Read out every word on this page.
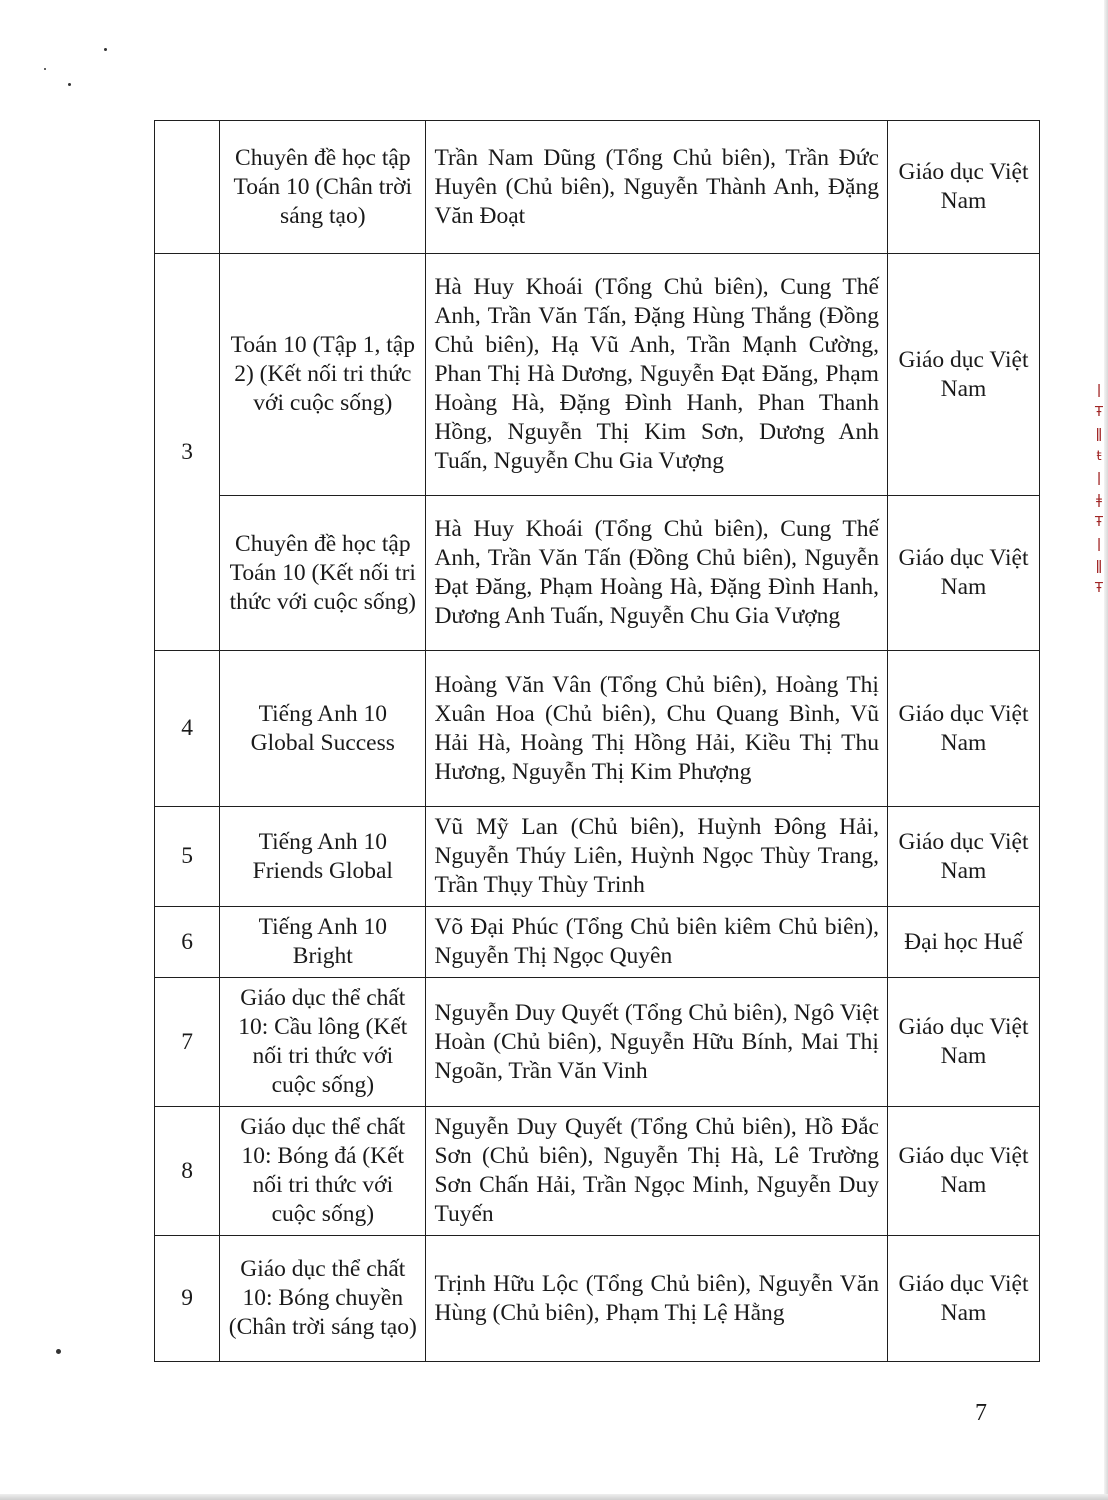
ǀ
Ŧ
ǁ
ŧ
ǀ
ǂ
Ŧ
ǀ
ǁ
Ŧ
	Chuyên đề học tập Toán 10 (Chân trời sáng tạo)	Trần Nam Dũng (Tổng Chủ biên), Trần Đức Huyên (Chủ biên), Nguyễn Thành Anh, Đặng Văn Đoạt	Giáo dục Việt Nam
3	Toán 10 (Tập 1, tập 2) (Kết nối tri thức với cuộc sống)	Hà Huy Khoái (Tổng Chủ biên), Cung Thế Anh, Trần Văn Tấn, Đặng Hùng Thắng (Đồng Chủ biên), Hạ Vũ Anh, Trần Mạnh Cường, Phan Thị Hà Dương, Nguyễn Đạt Đăng, Phạm Hoàng Hà, Đặng Đình Hanh, Phan Thanh Hồng, Nguyễn Thị Kim Sơn, Dương Anh Tuấn, Nguyễn Chu Gia Vượng	Giáo dục Việt Nam
	Chuyên đề học tập Toán 10 (Kết nối tri thức với cuộc sống)	Hà Huy Khoái (Tổng Chủ biên), Cung Thế Anh, Trần Văn Tấn (Đồng Chủ biên), Nguyễn Đạt Đăng, Phạm Hoàng Hà, Đặng Đình Hanh, Dương Anh Tuấn, Nguyễn Chu Gia Vượng	Giáo dục Việt Nam
4	Tiếng Anh 10 Global Success	Hoàng Văn Vân (Tổng Chủ biên), Hoàng Thị Xuân Hoa (Chủ biên), Chu Quang Bình, Vũ Hải Hà, Hoàng Thị Hồng Hải, Kiều Thị Thu Hương, Nguyễn Thị Kim Phượng	Giáo dục Việt Nam
5	Tiếng Anh 10 Friends Global	Vũ Mỹ Lan (Chủ biên), Huỳnh Đông Hải, Nguyễn Thúy Liên, Huỳnh Ngọc Thùy Trang, Trần Thụy Thùy Trinh	Giáo dục Việt Nam
6	Tiếng Anh 10 Bright	Võ Đại Phúc (Tổng Chủ biên kiêm Chủ biên), Nguyễn Thị Ngọc Quyên	Đại học Huế
7	Giáo dục thể chất 10: Cầu lông (Kết nối tri thức với cuộc sống)	Nguyễn Duy Quyết (Tổng Chủ biên), Ngô Việt Hoàn (Chủ biên), Nguyễn Hữu Bính, Mai Thị Ngoãn, Trần Văn Vinh	Giáo dục Việt Nam
8	Giáo dục thể chất 10: Bóng đá (Kết nối tri thức với cuộc sống)	Nguyễn Duy Quyết (Tổng Chủ biên), Hồ Đắc Sơn (Chủ biên), Nguyễn Thị Hà, Lê Trường Sơn Chấn Hải, Trần Ngọc Minh, Nguyễn Duy Tuyến	Giáo dục Việt Nam
9	Giáo dục thể chất 10: Bóng chuyền (Chân trời sáng tạo)	Trịnh Hữu Lộc (Tổng Chủ biên), Nguyễn Văn Hùng (Chủ biên), Phạm Thị Lệ Hằng	Giáo dục Việt Nam
7
